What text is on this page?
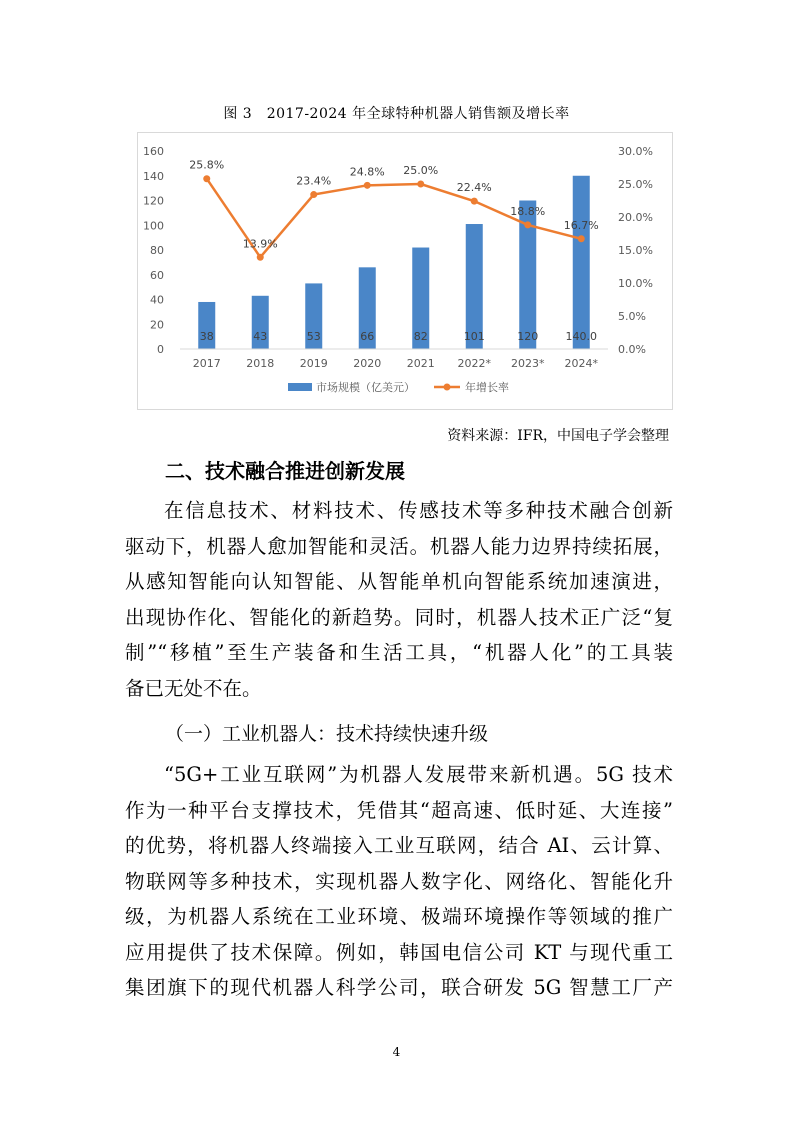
图 3　2017-2024 年全球特种机器人销售额及增长率
0
20
40
60
80
100
120
140
160
0.0%
5.0%
10.0%
15.0%
20.0%
25.0%
30.0%
38	43	53	66	82	101	120 140.0
25.8%
13.9%
23.4%
24.8% 25.0%
22.4%
18.8%
16.7%
2017 2018 2019 2020 2021 2022* 2023* 2024*
市场规模（亿美元）	年增长率
资料来源：IFR，中国电子学会整理
二、技术融合推进创新发展
在信息技术、材料技术、传感技术等多种技术融合创新
驱动下，机器人愈加智能和灵活。机器人能力边界持续拓展，
从感知智能向认知智能、从智能单机向智能系统加速演进，
出现协作化、智能化的新趋势。同时，机器人技术正广泛“复
制”“移植”至生产装备和生活工具，“机器人化”的工具装
备已无处不在。
（一）工业机器人：技术持续快速升级
“5G+工业互联网”为机器人发展带来新机遇。5G 技术
作为一种平台支撑技术，凭借其“超高速、低时延、大连接”
的优势，将机器人终端接入工业互联网，结合 AI、云计算、
物联网等多种技术，实现机器人数字化、网络化、智能化升
级，为机器人系统在工业环境、极端环境操作等领域的推广
应用提供了技术保障。例如，韩国电信公司 KT 与现代重工
集团旗下的现代机器人科学公司，联合研发 5G 智慧工厂产
4
